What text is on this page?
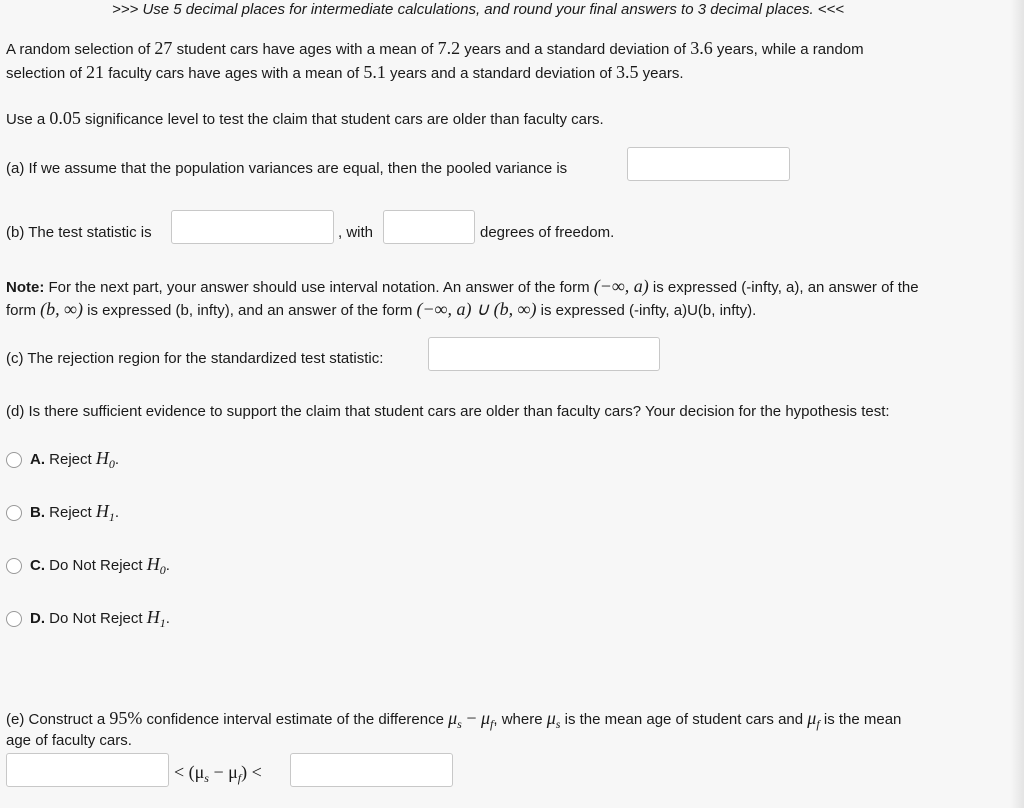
>>> Use 5 decimal places for intermediate calculations, and round your final answers to 3 decimal places. <<<
A random selection of 27 student cars have ages with a mean of 7.2 years and a standard deviation of 3.6 years, while a random
selection of 21 faculty cars have ages with a mean of 5.1 years and a standard deviation of 3.5 years.
Use a 0.05 significance level to test the claim that student cars are older than faculty cars.
(a) If we assume that the population variances are equal, then the pooled variance is
(b) The test statistic is	, with	degrees of freedom.
Note: For the next part, your answer should use interval notation. An answer of the form (−∞, a) is expressed (-infty, a), an answer of the
form (b, ∞) is expressed (b, infty), and an answer of the form (−∞, a) ∪ (b, ∞) is expressed (-infty, a)U(b, infty).
(c) The rejection region for the standardized test statistic:
(d) Is there sufficient evidence to support the claim that student cars are older than faculty cars? Your decision for the hypothesis test:
A. Reject $H_0$.
B. Reject $H_1$.
C. Do Not Reject $H_0$.
D. Do Not Reject $H_1$.
(e) Construct a 95% confidence interval estimate of the difference $\mu_s - \mu_f$, where $\mu_s$ is the mean age of student cars and $\mu_f$ is the mean
age of faculty cars.
< $(\mu_s - \mu_f)$ <
